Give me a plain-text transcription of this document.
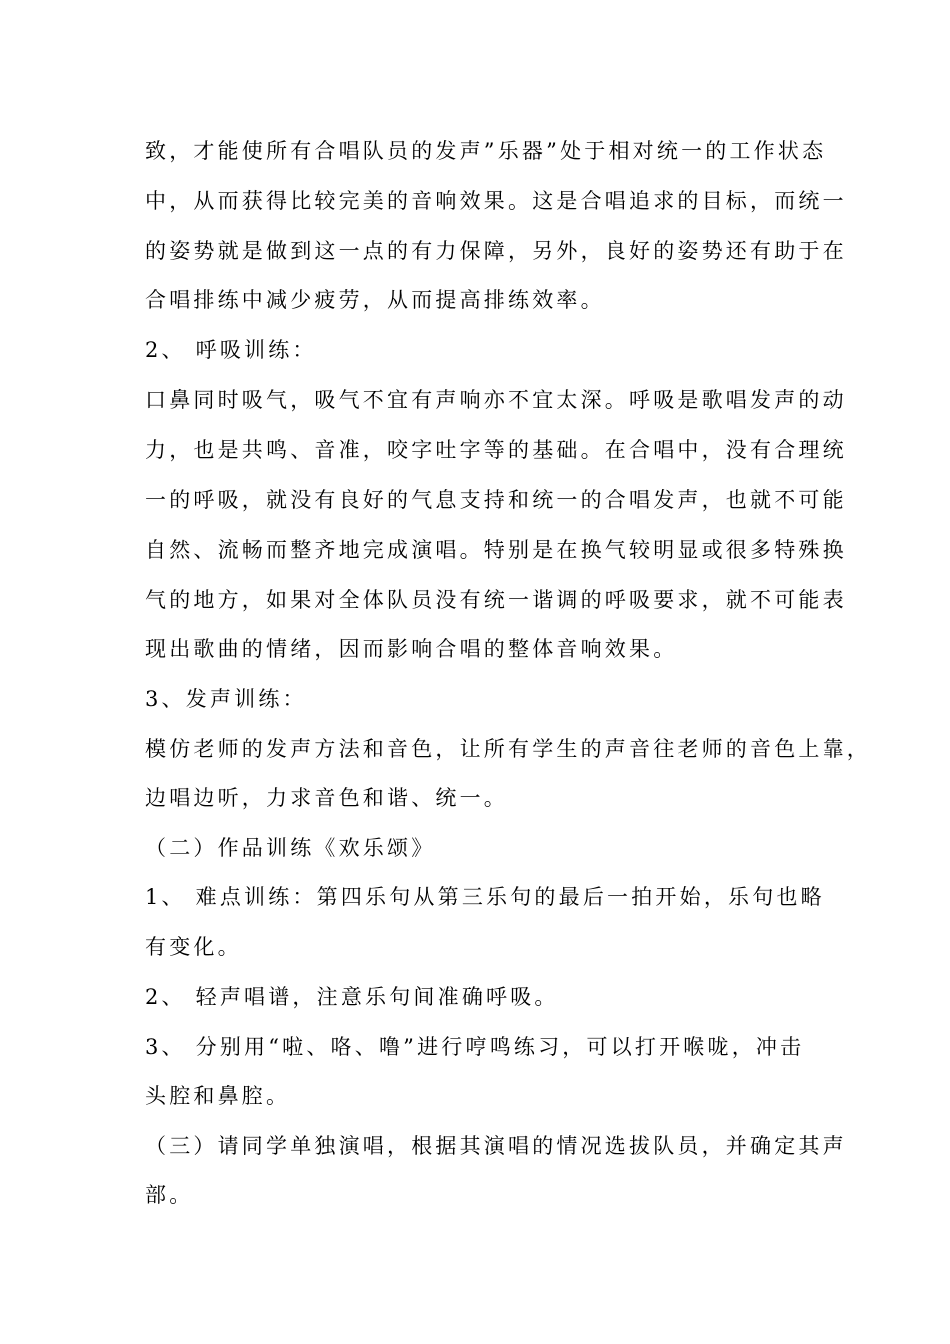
致，才能使所有合唱队员的发声”乐器”处于相对统一的工作状态
中，从而获得比较完美的音响效果。这是合唱追求的目标，而统一
的姿势就是做到这一点的有力保障，另外，良好的姿势还有助于在
合唱排练中减少疲劳，从而提高排练效率。
2、 呼吸训练：
口鼻同时吸气，吸气不宜有声响亦不宜太深。呼吸是歌唱发声的动
力，也是共鸣、音准，咬字吐字等的基础。在合唱中，没有合理统
一的呼吸，就没有良好的气息支持和统一的合唱发声，也就不可能
自然、流畅而整齐地完成演唱。特别是在换气较明显或很多特殊换
气的地方，如果对全体队员没有统一谐调的呼吸要求，就不可能表
现出歌曲的情绪，因而影响合唱的整体音响效果。
3、发声训练：
模仿老师的发声方法和音色，让所有学生的声音往老师的音色上靠，
边唱边听，力求音色和谐、统一。
（二）作品训练《欢乐颂》
1、 难点训练：第四乐句从第三乐句的最后一拍开始，乐句也略
有变化。
2、 轻声唱谱，注意乐句间准确呼吸。
3、 分别用“啦、咯、噜”进行哼鸣练习，可以打开喉咙，冲击
头腔和鼻腔。
（三）请同学单独演唱，根据其演唱的情况选拔队员，并确定其声
部。
